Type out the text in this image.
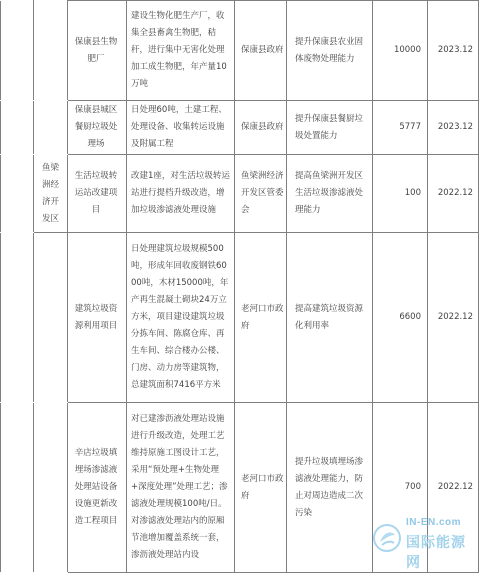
		保康县生物肥厂	建设生物化肥生产厂，收集全县畜禽生物肥，秸秆，进行集中无害化处理加工成生物肥，年产量10万吨	保康县政府	提升保康县农业固体废物处理能力	10000	2023.12
		保康县城区餐厨垃圾处理场	日处理60吨，土建工程、处理设备、收集转运设施及附属工程	保康县政府	提升保康县餐厨垃圾处置能力	5777	2023.12
	鱼梁洲经济开发区	生活垃圾转运站改建项目	改建1座，对生活垃圾转运站进行提档升级改造，增加垃圾渗滤液处理设施	鱼梁洲经济开发区管委会	提高鱼梁洲开发区生活垃圾渗滤液处理能力	100	2022.12
		建筑垃圾资源利用项目	日处理建筑垃圾规模500吨，形成年回收废钢铁6000吨，木材15000吨，年产再生混凝土砌块24万立方米，项目建设建筑垃圾分拣车间、陈腐仓库、再生车间、综合楼办公楼、门房、动力房等建筑物，总建筑面积7416平方米	老河口市政府	提高建筑垃圾资源化利用率	6600	2022.12
		辛店垃圾填埋场渗滤液处理站设备设施更新改造工程项目	对已建渗沥液处理站设施进行升级改造，处理工艺维持原施工图设计工艺，采用“预处理+生物处理+深度处理”处理工艺；渗滤液处理规模100吨/日。对渗滤液处理站内的原厢节池增加覆盖系统一套，渗沥液处理站内设	老河口市政府	提升垃圾填埋场渗滤液处理能力，防止对周边造成二次污染	700	2022.12
IN-EN.com
国际能源网
